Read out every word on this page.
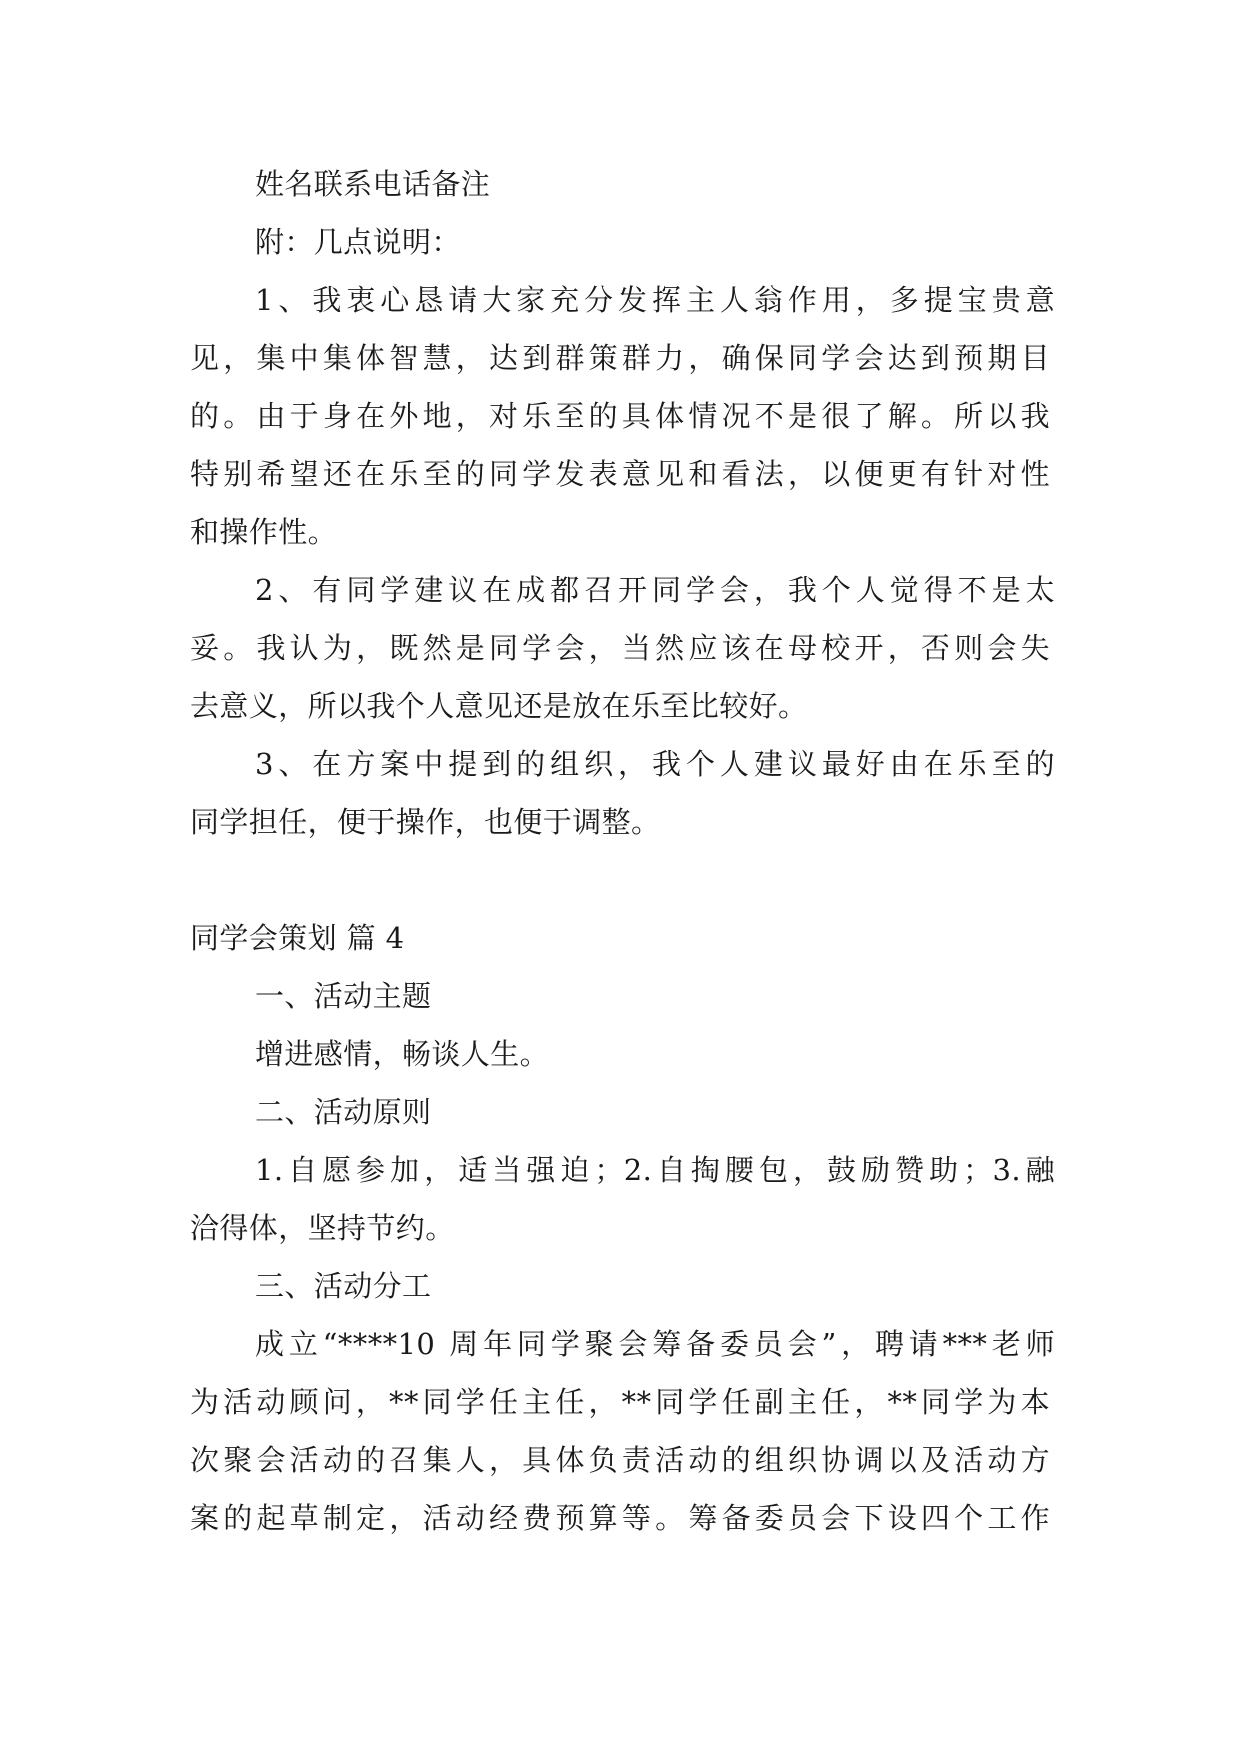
姓名联系电话备注
附：几点说明：
1、我衷心恳请大家充分发挥主人翁作用，多提宝贵意
见，集中集体智慧，达到群策群力，确保同学会达到预期目
的。由于身在外地，对乐至的具体情况不是很了解。所以我
特别希望还在乐至的同学发表意见和看法，以便更有针对性
和操作性。
2、有同学建议在成都召开同学会，我个人觉得不是太
妥。我认为，既然是同学会，当然应该在母校开，否则会失
去意义，所以我个人意见还是放在乐至比较好。
3、在方案中提到的组织，我个人建议最好由在乐至的
同学担任，便于操作，也便于调整。
同学会策划 篇 4
一、活动主题
增进感情，畅谈人生。
二、活动原则
1.自愿参加，适当强迫；2.自掏腰包，鼓励赞助；3.融
洽得体，坚持节约。
三、活动分工
成立“****10 周年同学聚会筹备委员会”，聘请***老师
为活动顾问，**同学任主任，**同学任副主任，**同学为本
次聚会活动的召集人，具体负责活动的组织协调以及活动方
案的起草制定，活动经费预算等。筹备委员会下设四个工作
